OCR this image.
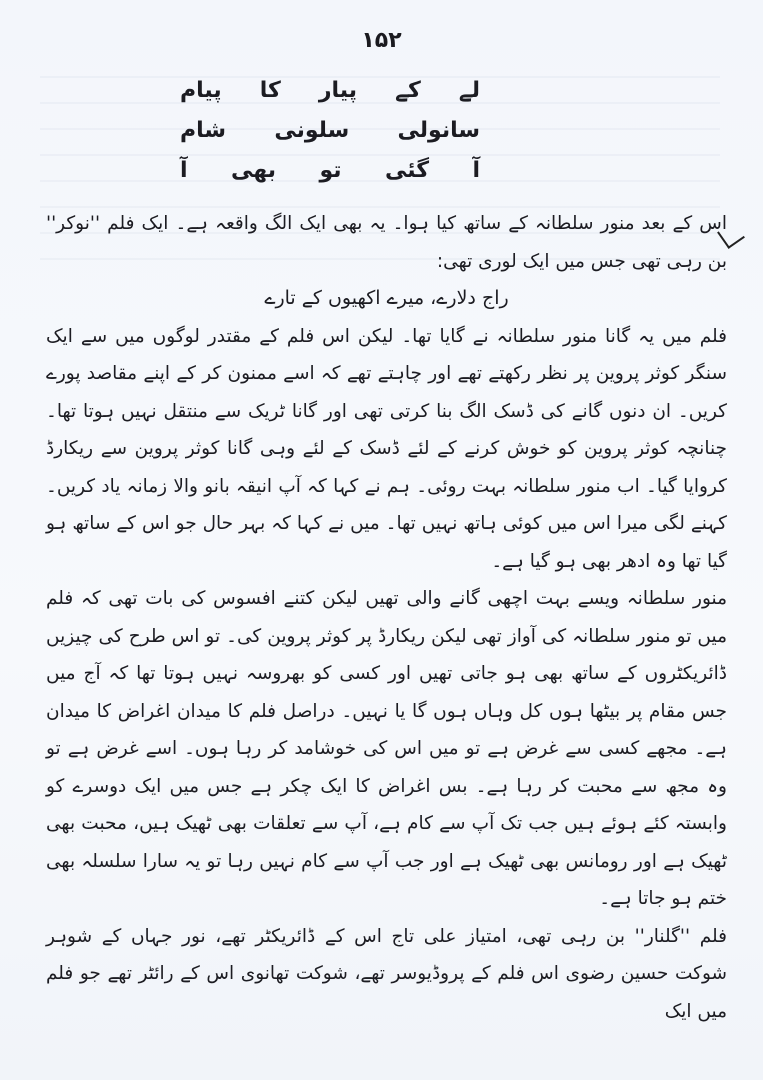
۱۵۲
لے
کے
پیار
کا
پیام
سانولی
سلونی
شام
آ
گئی
تو
بھی
آ

اس کے بعد منور سلطانہ کے ساتھ کیا ہوا۔ یہ بھی ایک الگ واقعہ ہے۔ ایک فلم ''نوکر'' بن رہی تھی جس میں ایک لوری تھی:

راج دلارے، میرے اکھیوں کے تارے

فلم میں یہ گانا منور سلطانہ نے گایا تھا۔ لیکن اس فلم کے مقتدر لوگوں میں سے ایک سنگر کوثر پروین پر نظر رکھتے تھے اور چاہتے تھے کہ اسے ممنون کر کے اپنے مقاصد پورے کریں۔ ان دنوں گانے کی ڈسک الگ بنا کرتی تھی اور گانا ٹریک سے منتقل نہیں ہوتا تھا۔ چنانچہ کوثر پروین کو خوش کرنے کے لئے ڈسک کے لئے وہی گانا کوثر پروین سے ریکارڈ کروایا گیا۔ اب منور سلطانہ بہت روئی۔ ہم نے کہا کہ آپ انیقہ بانو والا زمانہ یاد کریں۔ کہنے لگی میرا اس میں کوئی ہاتھ نہیں تھا۔ میں نے کہا کہ بہر حال جو اس کے ساتھ ہو گیا تھا وہ ادھر بھی ہو گیا ہے۔

منور سلطانہ ویسے بہت اچھی گانے والی تھیں لیکن کتنے افسوس کی بات تھی کہ فلم میں تو منور سلطانہ کی آواز تھی لیکن ریکارڈ پر کوثر پروین کی۔ تو اس طرح کی چیزیں ڈائریکٹروں کے ساتھ بھی ہو جاتی تھیں اور کسی کو بھروسہ نہیں ہوتا تھا کہ آج میں جس مقام پر بیٹھا ہوں کل وہاں ہوں گا یا نہیں۔ دراصل فلم کا میدان اغراض کا میدان ہے۔ مجھے کسی سے غرض ہے تو میں اس کی خوشامد کر رہا ہوں۔ اسے غرض ہے تو وہ مجھ سے محبت کر رہا ہے۔ بس اغراض کا ایک چکر ہے جس میں ایک دوسرے کو وابستہ کئے ہوئے ہیں جب تک آپ سے کام ہے، آپ سے تعلقات بھی ٹھیک ہیں، محبت بھی ٹھیک ہے اور رومانس بھی ٹھیک ہے اور جب آپ سے کام نہیں رہا تو یہ سارا سلسلہ بھی ختم ہو جاتا ہے۔

فلم ''گلنار'' بن رہی تھی، امتیاز علی تاج اس کے ڈائریکٹر تھے، نور جہاں کے شوہر شوکت حسین رضوی اس فلم کے پروڈیوسر تھے، شوکت تھانوی اس کے رائٹر تھے جو فلم میں ایک
